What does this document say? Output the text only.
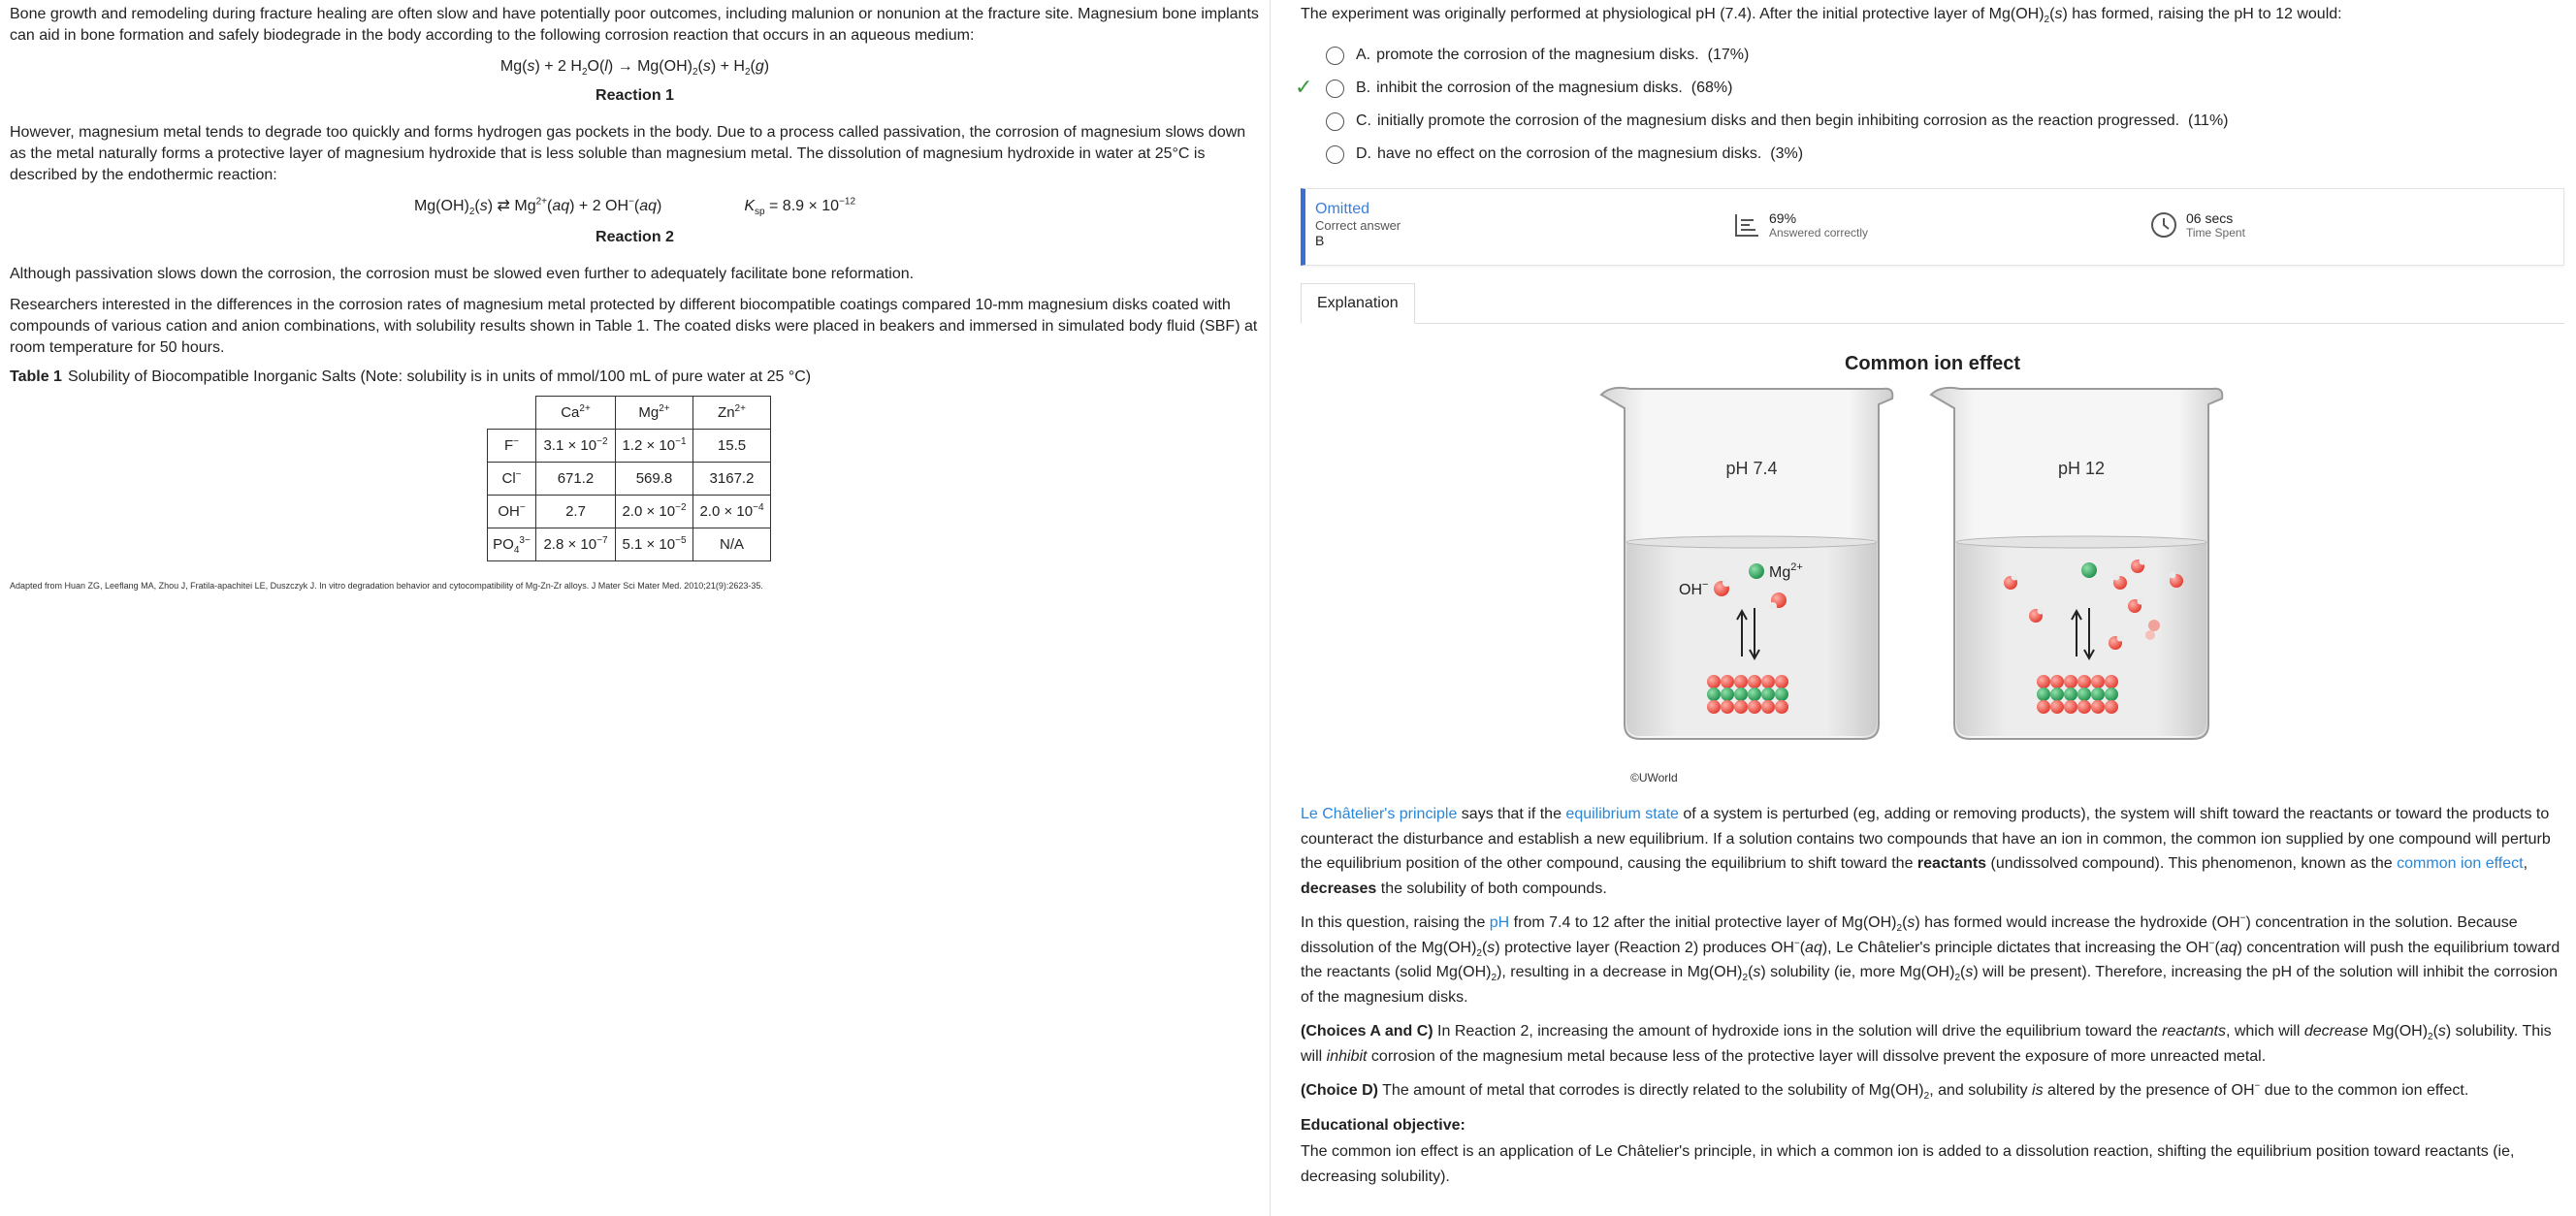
Bone growth and remodeling during fracture healing are often slow and have potentially poor outcomes, including malunion or nonunion at the fracture site. Magnesium bone implants can aid in bone formation and safely biodegrade in the body according to the following corrosion reaction that occurs in an aqueous medium:

Mg(s) + 2 $H_2O(l) \to Mg(OH)_2(s) + H_2(g)$
Reaction 1

However, magnesium metal tends to degrade too quickly and forms hydrogen gas pockets in the body. Due to a process called passivation, the corrosion of magnesium slows down as the metal naturally forms a protective layer of magnesium hydroxide that is less soluble than magnesium metal. The dissolution of magnesium hydroxide in water at 25°C is described by the endothermic reaction:

$Mg(OH)_2(s)$ ⇄ $Mg^{2+}(aq) + 2$ OH−(aq)	$K_{sp} = 8.9 \times 10^{-12}$
Reaction 2

Although passivation slows down the corrosion, the corrosion must be slowed even further to adequately facilitate bone reformation.

Researchers interested in the differences in the corrosion rates of magnesium metal protected by different biocompatible coatings compared 10-mm magnesium disks coated with compounds of various cation and anion combinations, with solubility results shown in Table 1. The coated disks were placed in beakers and immersed in simulated body fluid (SBF) at room temperature for 50 hours.

Table 1 Solubility of Biocompatible Inorganic Salts (Note: solubility is in units of mmol/100 mL of pure water at 25 °C)
	$Ca^{2+}$	$Mg^{2+}$	$Zn^{2+}$
F−	$3.1 \times 10^{-2}$	$1.2 \times 10^{-1}$	15.5
Cl−	671.2	569.8	3167.2
OH−	2.7	$2.0 \times 10^{-2}$	$2.0 \times 10^{-4}$
$PO_4^{3-}$	$2.8 \times 10^{-7}$	$5.1 \times 10^{-5}$	N/A
Adapted from Huan ZG, Leeflang MA, Zhou J, Fratila-apachitei LE, Duszczyk J. In vitro degradation behavior and cytocompatibility of Mg-Zn-Zr alloys. J Mater Sci Mater Med. 2010;21(9):2623-35.
The experiment was originally performed at physiological pH (7.4). After the initial protective layer of $Mg(OH)_2(s)$ has formed, raising the pH to 12 would:
A. promote the corrosion of the magnesium disks.
(17%)
✓	B. inhibit the corrosion of the magnesium disks.
(68%)
C. initially promote the corrosion of the magnesium disks and then begin inhibiting corrosion as the reaction progressed.
(11%)
D. have no effect on the corrosion of the magnesium disks.
(3%)
Omitted
Correct answer
B
69%
Answered correctly
06 secs
Time Spent
Explanation
Common ion effect
pH 7.4
OH−
$Mg^{2+}$
pH 12
©UWorld

Le Châtelier's principle says that if the equilibrium state of a system is perturbed (eg, adding or removing products), the system will shift toward the reactants or toward the products to counteract the disturbance and establish a new equilibrium. If a solution contains two compounds that have an ion in common, the common ion supplied by one compound will perturb the equilibrium position of the other compound, causing the equilibrium to shift toward the reactants (undissolved compound). This phenomenon, known as the common ion effect, decreases the solubility of both compounds.

In this question, raising the pH from 7.4 to 12 after the initial protective layer of $Mg(OH)_2(s)$ has formed would increase the hydroxide (OH−) concentration in the solution. Because dissolution of the $Mg(OH)_2(s)$ protective layer (Reaction 2) produces OH−(aq), Le Châtelier's principle dictates that increasing the OH−(aq) concentration will push the equilibrium toward the reactants (solid $Mg(OH)_2$), resulting in a decrease in $Mg(OH)_2(s)$ solubility (ie, more $Mg(OH)_2(s)$ will be present). Therefore, increasing the pH of the solution will inhibit the corrosion of the magnesium disks.

(Choices A and C) In Reaction 2, increasing the amount of hydroxide ions in the solution will drive the equilibrium toward the reactants, which will decrease $Mg(OH)_2(s)$ solubility. This will inhibit corrosion of the magnesium metal because less of the protective layer will dissolve prevent the exposure of more unreacted metal.

(Choice D) The amount of metal that corrodes is directly related to the solubility of $Mg(OH)_2$, and solubility is altered by the presence of OH− due to the common ion effect.

Educational objective:

The common ion effect is an application of Le Châtelier's principle, in which a common ion is added to a dissolution reaction, shifting the equilibrium position toward reactants (ie, decreasing solubility).
